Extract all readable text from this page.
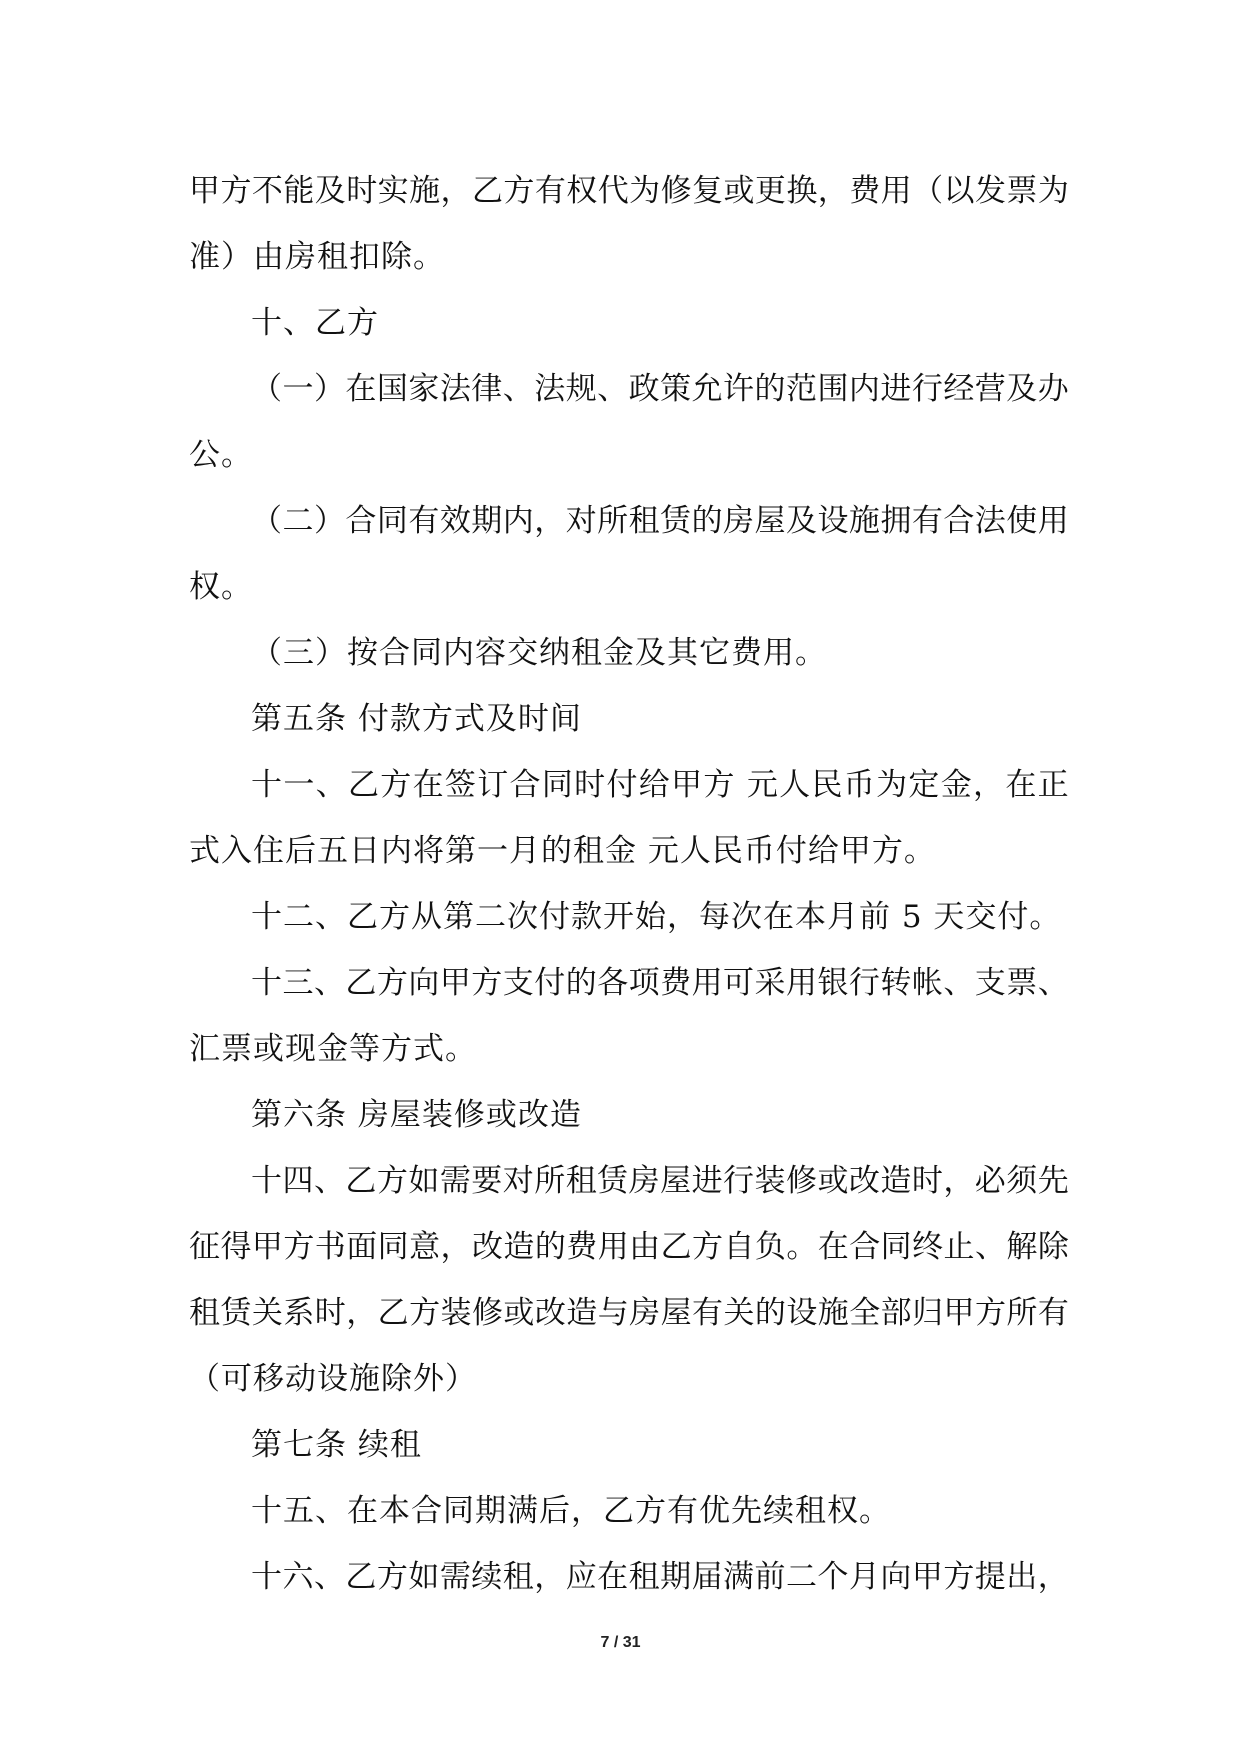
甲 方 不 能 及 时 实 施 ， 乙 方 有 权 代 为 修 复 或 更 换 ， 费 用 （ 以 发 票 为
准）由房租扣除。
十、乙方
（ 一 ） 在 国 家 法 律 、 法 规 、 政 策 允 许 的 范 围 内 进 行 经 营 及 办
公。
（ 二 ） 合 同 有 效 期 内 ， 对 所 租 赁 的 房 屋 及 设 施 拥 有 合 法 使 用
权。
（三）按合同内容交纳租金及其它费用。
第五条 付款方式及时间
十 一 、 乙 方 在 签 订 合 同 时 付 给 甲 方
元 人 民 币 为 定 金 ， 在 正
式入住后五日内将第一月的租金 元人民币付给甲方。
十二、乙方从第二次付款开始，每次在本月前 5 天交付。
十 三 、 乙 方 向 甲 方 支 付 的 各 项 费 用 可 采 用 银 行 转 帐 、 支 票 、
汇票或现金等方式。
第六条 房屋装修或改造
十 四 、 乙 方 如 需 要 对 所 租 赁 房 屋 进 行 装 修 或 改 造 时 ， 必 须 先
征 得 甲 方 书 面 同 意 ， 改 造 的 费 用 由 乙 方 自 负 。 在 合 同 终 止 、 解 除
租 赁 关 系 时 ， 乙 方 装 修 或 改 造 与 房 屋 有 关 的 设 施 全 部 归 甲 方 所 有
（可移动设施除外）
第七条 续租
十五、在本合同期满后，乙方有优先续租权。
十 六 、 乙 方 如 需 续 租 ， 应 在 租 期 届 满 前 二 个 月 向 甲 方 提 出 ，
7 / 31
